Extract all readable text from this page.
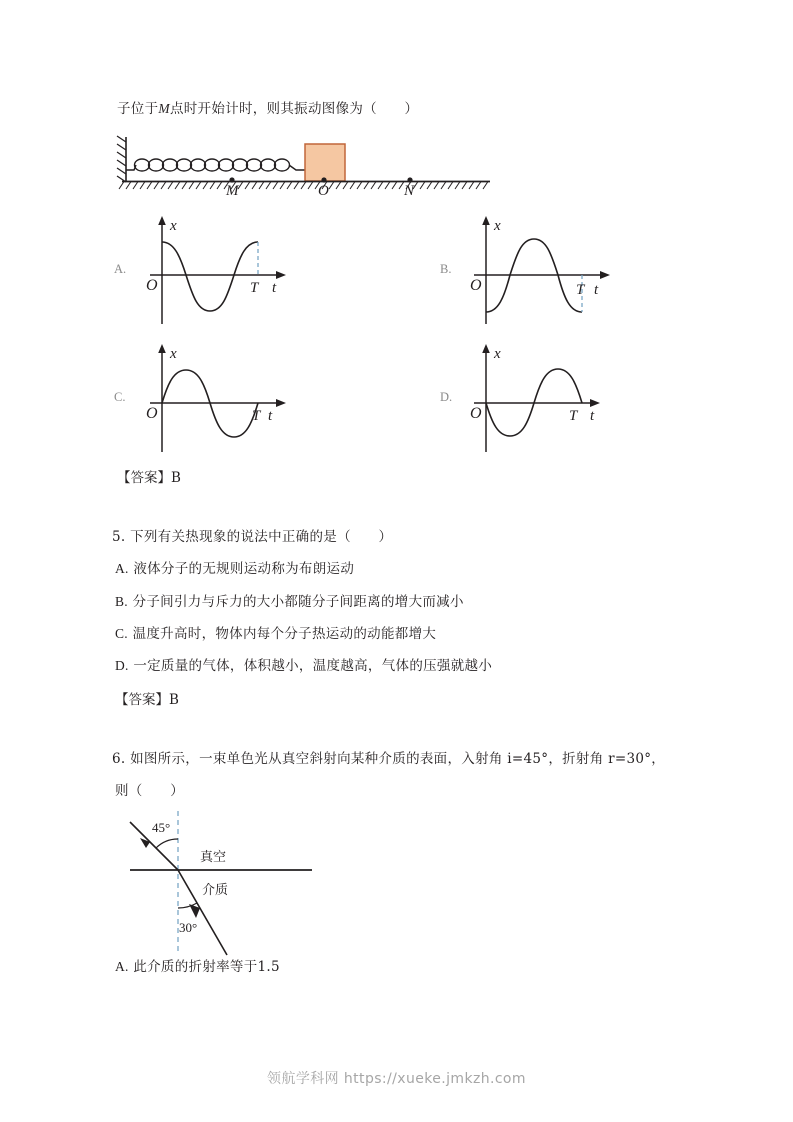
子位于M点时开始计时，则其振动图像为（　　）
M	O	N
A.
O
x
T t
B.
O
x
T t
C.
O
x
T t
D.
O
x
T t
【答案】B
5. 下列有关热现象的说法中正确的是（　　）
A. 液体分子的无规则运动称为布朗运动
B. 分子间引力与斥力的大小都随分子间距离的增大而减小
C. 温度升高时，物体内每个分子热运动的动能都增大
D. 一定质量的气体，体积越小，温度越高，气体的压强就越小
【答案】B
6. 如图所示，一束单色光从真空斜射向某种介质的表面，入射角 i=45°，折射角 r=30°，
则（　　）
45°
30°
真空
介质
A. 此介质的折射率等于1.5
领航学科网 https://xueke.jmkzh.com
